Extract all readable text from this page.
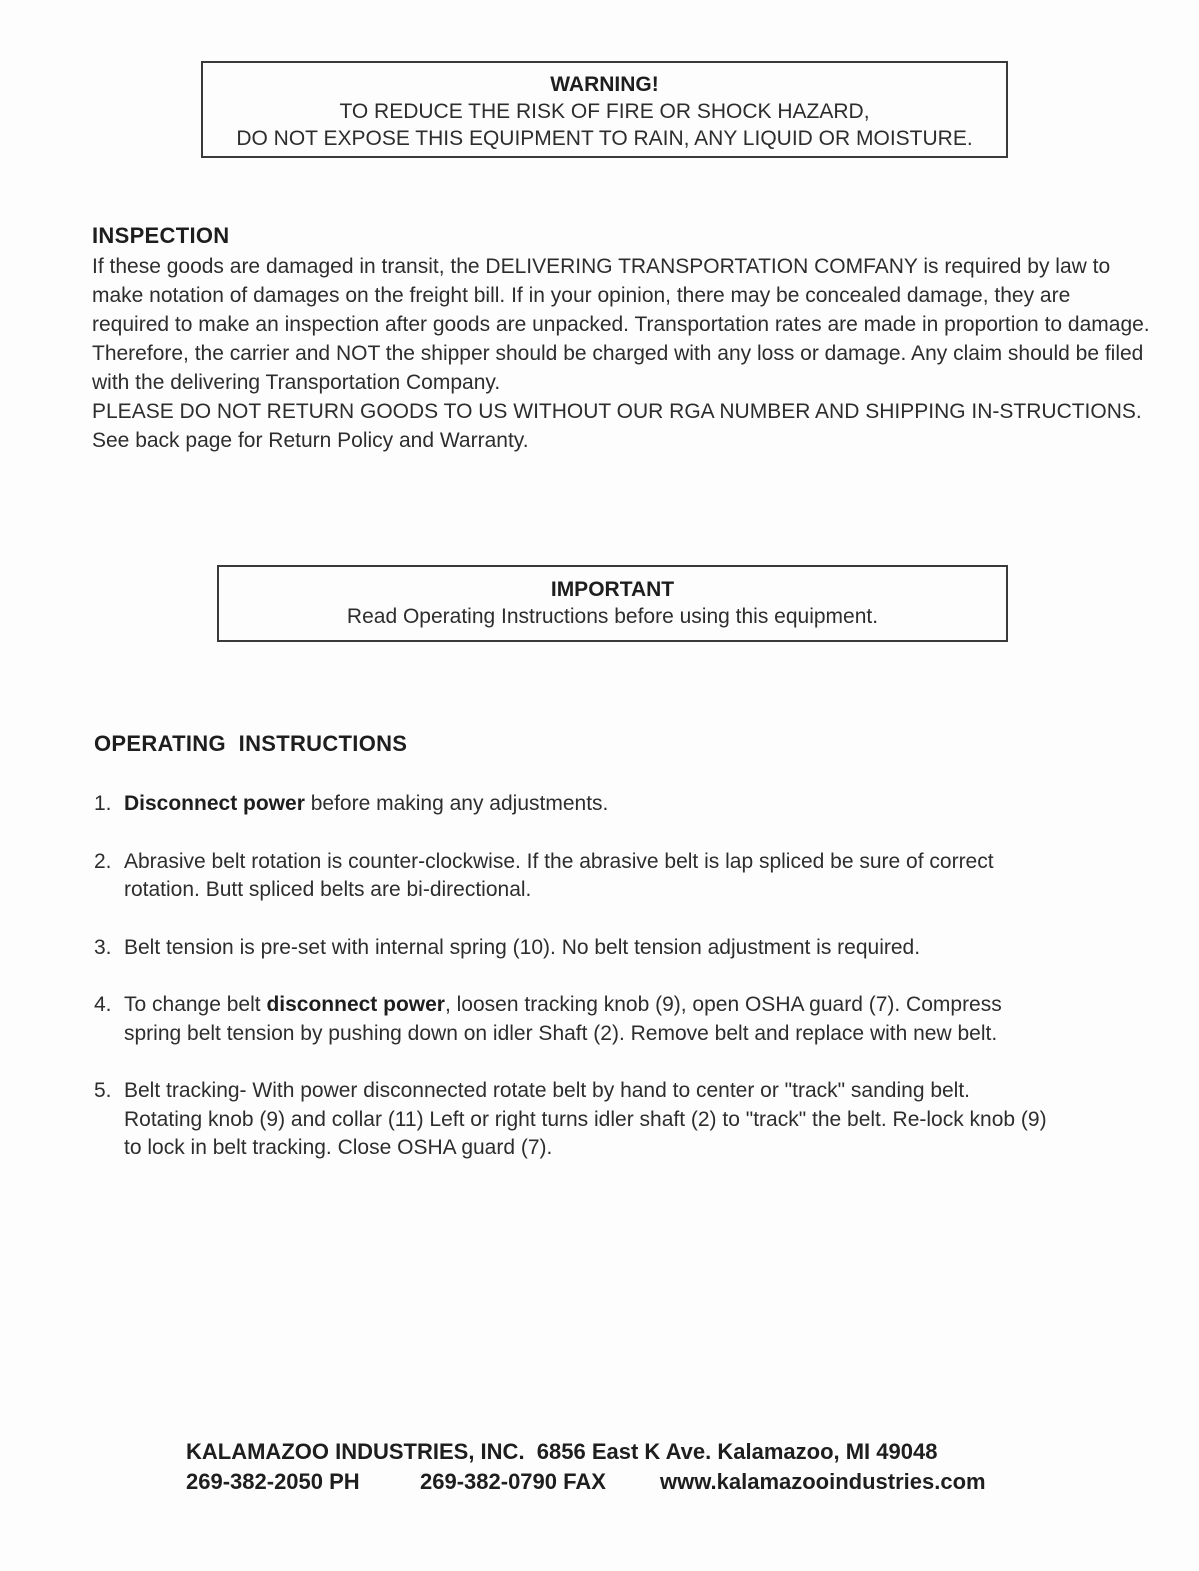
WARNING!
TO REDUCE THE RISK OF FIRE OR SHOCK HAZARD,
DO NOT EXPOSE THIS EQUIPMENT TO RAIN, ANY LIQUID OR MOISTURE.
INSPECTION

If these goods are damaged in transit, the DELIVERING TRANSPORTATION COMFANY is required by law to make notation of damages on the freight bill. If in your opinion, there may be concealed damage, they are required to make an inspection after goods are unpacked. Transportation rates are made in proportion to damage. Therefore, the carrier and NOT the shipper should be charged with any loss or damage. Any claim should be filed with the delivering Transportation Company.

PLEASE DO NOT RETURN GOODS TO US WITHOUT OUR RGA NUMBER AND SHIPPING IN-STRUCTIONS.

See back page for Return Policy and Warranty.

IMPORTANT
Read Operating Instructions before using this equipment.
OPERATING  INSTRUCTIONS
1. Disconnect power before making any adjustments.
2. Abrasive belt rotation is counter-clockwise. If the abrasive belt is lap spliced be sure of correct rotation. Butt spliced belts are bi-directional.
3. Belt tension is pre-set with internal spring (10). No belt tension adjustment is required.
4. To change belt disconnect power, loosen tracking knob (9), open OSHA guard (7). Compress spring belt tension by pushing down on idler Shaft (2). Remove belt and replace with new belt.
5. Belt tracking- With power disconnected rotate belt by hand to center or "track" sanding belt. Rotating knob (9) and collar (11) Left or right turns idler shaft (2) to "track" the belt. Re-lock knob (9) to lock in belt tracking. Close OSHA guard (7).
KALAMAZOO INDUSTRIES, INC.  6856 East K Ave. Kalamazoo, MI 49048
269-382-2050 PH	269-382-0790 FAX www.kalamazooindustries.com
